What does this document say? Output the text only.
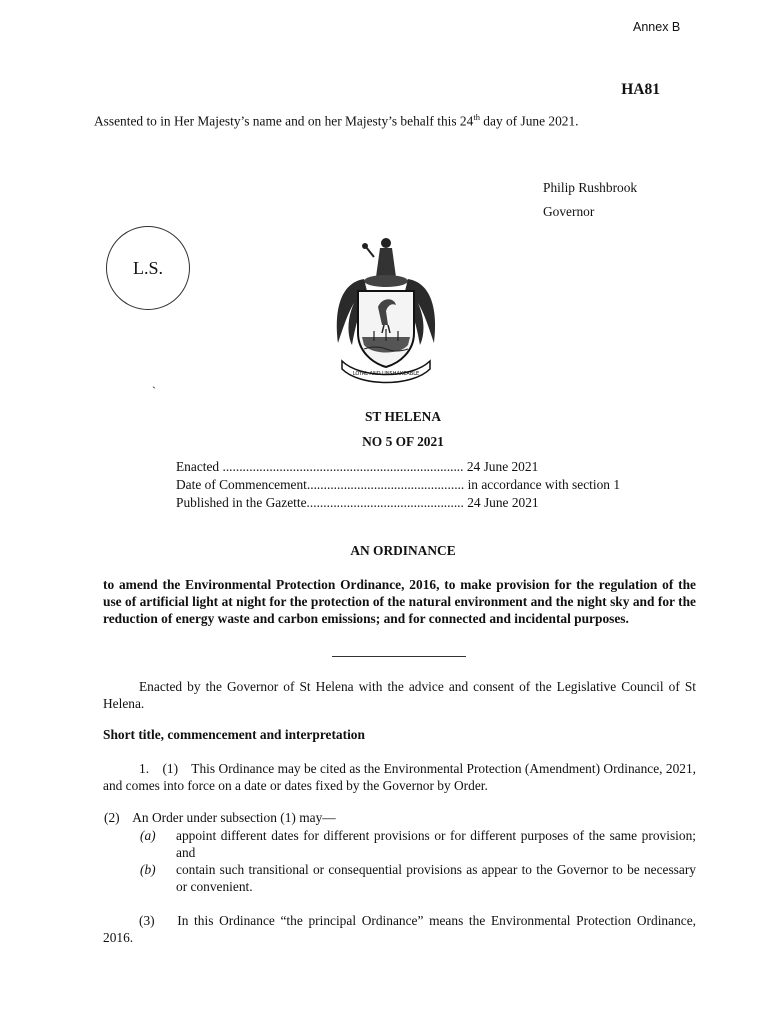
Annex B
HA81
Assented to in Her Majesty’s name and on her Majesty’s behalf this 24th day of June 2021.
Philip Rushbrook
Governor
L.S.
`
LOYAL AND UNSHAKEABLE
ST HELENA
NO 5 OF 2021
Enacted ........................................................................ 24 June 2021
Date of Commencement............................................... in accordance with section 1
Published in the Gazette............................................... 24 June 2021
AN ORDINANCE
to amend the Environmental Protection Ordinance, 2016, to make provision for the regulation of the use of artificial light at night for the protection of the natural environment and the night sky and for the reduction of energy waste and carbon emissions; and for connected and incidental purposes.
Enacted by the Governor of St Helena with the advice and consent of the Legislative Council of St Helena.
Short title, commencement and interpretation
1.    (1)    This Ordinance may be cited as the Environmental Protection (Amendment) Ordinance, 2021, and comes into force on a date or dates fixed by the Governor by Order.
(2)    An Order under subsection (1) may—
(a) appoint different dates for different provisions or for different purposes of the same provision; and
(b) contain such transitional or consequential provisions as appear to the Governor to be necessary or convenient.
(3)    In this Ordinance “the principal Ordinance” means the Environmental Protection Ordinance, 2016.
